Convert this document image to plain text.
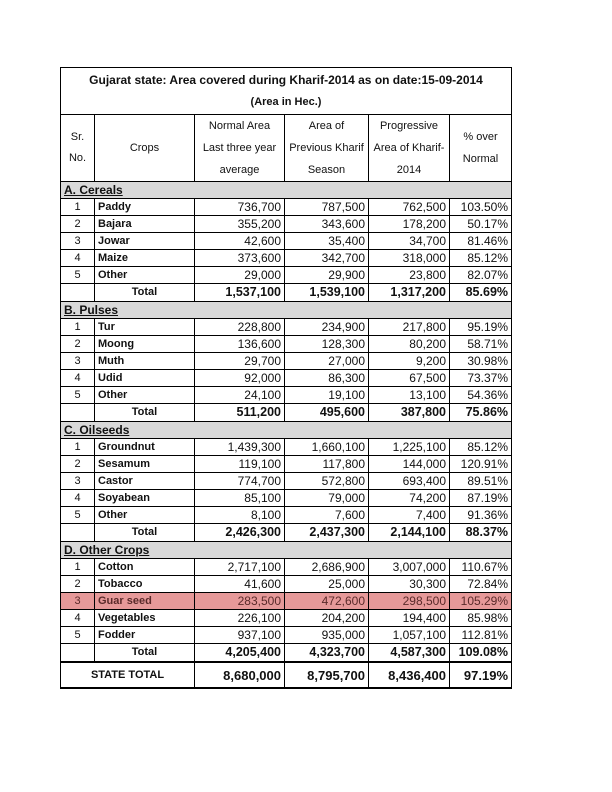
Gujarat state: Area covered during Kharif-2014 as on date:15-09-2014					
(Area in Hec.)					
Sr. No.	Crops	Normal Area Last three year average	Area of Previous Kharif Season	Progressive Area of Kharif-2014	% over Normal
A. Cereals					
1	Paddy	736,700	787,500	762,500	103.50%
2	Bajara	355,200	343,600	178,200	50.17%
3	Jowar	42,600	35,400	34,700	81.46%
4	Maize	373,600	342,700	318,000	85.12%
5	Other	29,000	29,900	23,800	82.07%
	Total	1,537,100	1,539,100	1,317,200	85.69%
B. Pulses					
1	Tur	228,800	234,900	217,800	95.19%
2	Moong	136,600	128,300	80,200	58.71%
3	Muth	29,700	27,000	9,200	30.98%
4	Udid	92,000	86,300	67,500	73.37%
5	Other	24,100	19,100	13,100	54.36%
	Total	511,200	495,600	387,800	75.86%
C. Oilseeds					
1	Groundnut	1,439,300	1,660,100	1,225,100	85.12%
2	Sesamum	119,100	117,800	144,000	120.91%
3	Castor	774,700	572,800	693,400	89.51%
4	Soyabean	85,100	79,000	74,200	87.19%
5	Other	8,100	7,600	7,400	91.36%
	Total	2,426,300	2,437,300	2,144,100	88.37%
D. Other Crops					
1	Cotton	2,717,100	2,686,900	3,007,000	110.67%
2	Tobacco	41,600	25,000	30,300	72.84%
3	Guar seed	283,500	472,600	298,500	105.29%
4	Vegetables	226,100	204,200	194,400	85.98%
5	Fodder	937,100	935,000	1,057,100	112.81%
	Total	4,205,400	4,323,700	4,587,300	109.08%
STATE TOTAL		8,680,000	8,795,700	8,436,400	97.19%
